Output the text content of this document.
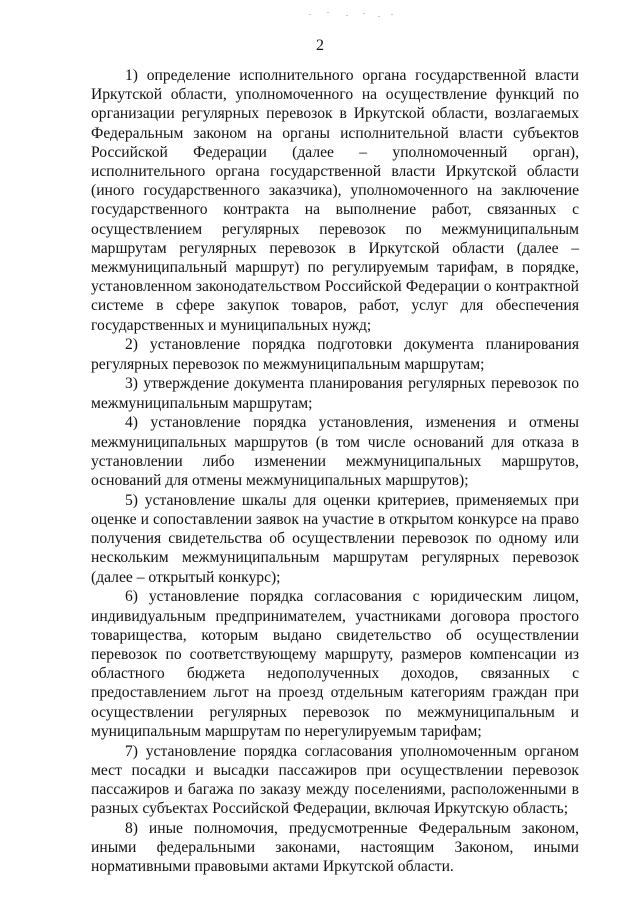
2

1) определение исполнительного органа государственной власти Иркутской области, уполномоченного на осуществление функций по организации регулярных перевозок в Иркутской области, возлагаемых Федеральным законом на органы исполнительной власти субъектов Российской Федерации (далее – уполномоченный орган), исполнительного органа государственной власти Иркутской области (иного государственного заказчика), уполномоченного на заключение государственного контракта на выполнение работ, связанных с осуществлением регулярных перевозок по межмуниципальным маршрутам регулярных перевозок в Иркутской области (далее – межмуниципальный маршрут) по регулируемым тарифам, в порядке, установленном законодательством Российской Федерации о контрактной системе в сфере закупок товаров, работ, услуг для обеспечения государственных и муниципальных нужд;

2) установление порядка подготовки документа планирования регулярных перевозок по межмуниципальным маршрутам;

3) утверждение документа планирования регулярных перевозок по межмуниципальным маршрутам;

4) установление порядка установления, изменения и отмены межмуниципальных маршрутов (в том числе оснований для отказа в установлении либо изменении межмуниципальных маршрутов, оснований для отмены межмуниципальных маршрутов);

5) установление шкалы для оценки критериев, применяемых при оценке и сопоставлении заявок на участие в открытом конкурсе на право получения свидетельства об осуществлении перевозок по одному или нескольким межмуниципальным маршрутам регулярных перевозок (далее – открытый конкурс);

6) установление порядка согласования с юридическим лицом, индивидуальным предпринимателем, участниками договора простого товарищества, которым выдано свидетельство об осуществлении перевозок по соответствующему маршруту, размеров компенсации из областного бюджета недополученных доходов, связанных с предоставлением льгот на проезд отдельным категориям граждан при осуществлении регулярных перевозок по межмуниципальным и муниципальным маршрутам по нерегулируемым тарифам;

7) установление порядка согласования уполномоченным органом мест посадки и высадки пассажиров при осуществлении перевозок пассажиров и багажа по заказу между поселениями, расположенными в разных субъектах Российской Федерации, включая Иркутскую область;

8) иные полномочия, предусмотренные Федеральным законом, иными федеральными законами, настоящим Законом, иными нормативными правовыми актами Иркутской области.
